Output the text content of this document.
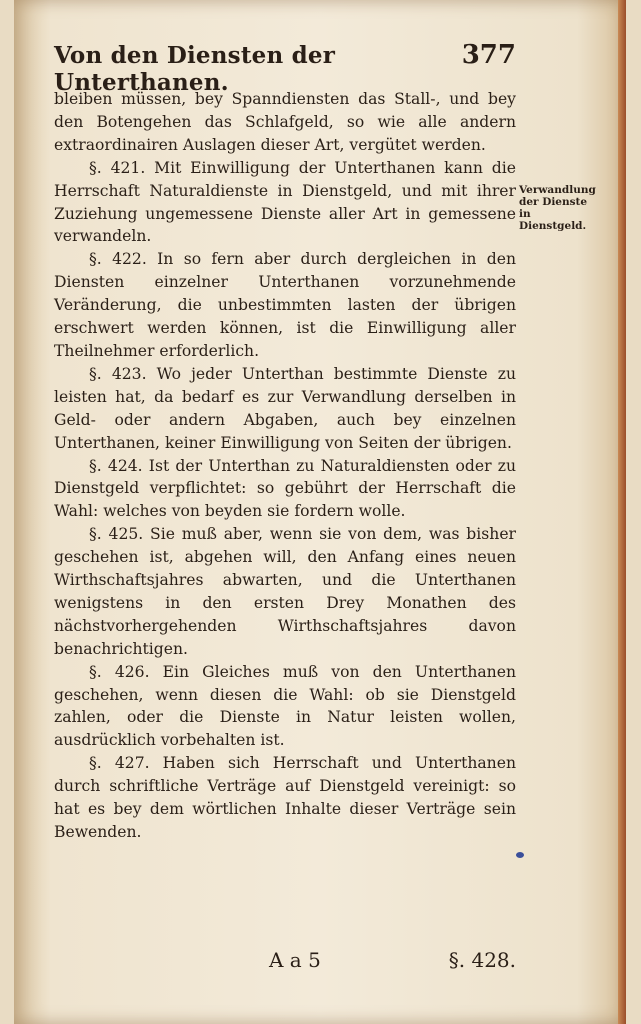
Von den Diensten der Unterthanen.
377

bleiben müssen, bey Spanndiensten das Stall-, und bey den Botengehen das Schlafgeld, so wie alle andern extraordinairen Auslagen dieser Art, vergütet werden.

§. 421. Mit Einwilligung der Unterthanen kann die Herrschaft Naturaldienste in Dienstgeld, und mit ihrer Zuziehung ungemessene Dienste aller Art in gemessene verwandeln.

§. 422. In so fern aber durch dergleichen in den Diensten einzelner Unterthanen vorzunehmende Veränderung, die unbestimmten lasten der übrigen erschwert werden können, ist die Einwilligung aller Theilnehmer erforderlich.

§. 423. Wo jeder Unterthan bestimmte Dienste zu leisten hat, da bedarf es zur Verwandlung derselben in Geld- oder andern Abgaben, auch bey einzelnen Unterthanen, keiner Einwilligung von Seiten der übrigen.

§. 424. Ist der Unterthan zu Naturaldiensten oder zu Dienstgeld verpflichtet: so gebührt der Herrschaft die Wahl: welches von beyden sie fordern wolle.

§. 425. Sie muß aber, wenn sie von dem, was bisher geschehen ist, abgehen will, den Anfang eines neuen Wirthschaftsjahres abwarten, und die Unterthanen wenigstens in den ersten Drey Monathen des nächstvorhergehenden Wirthschaftsjahres davon benachrichtigen.

§. 426. Ein Gleiches muß von den Unterthanen geschehen, wenn diesen die Wahl: ob sie Dienstgeld zahlen, oder die Dienste in Natur leisten wollen, ausdrücklich vorbehalten ist.

§. 427. Haben sich Herrschaft und Unterthanen durch schriftliche Verträge auf Dienstgeld vereinigt: so hat es bey dem wörtlichen Inhalte dieser Verträge sein Bewenden.

Verwandlung der Dienste in Dienstgeld.
A a 5	§. 428.
